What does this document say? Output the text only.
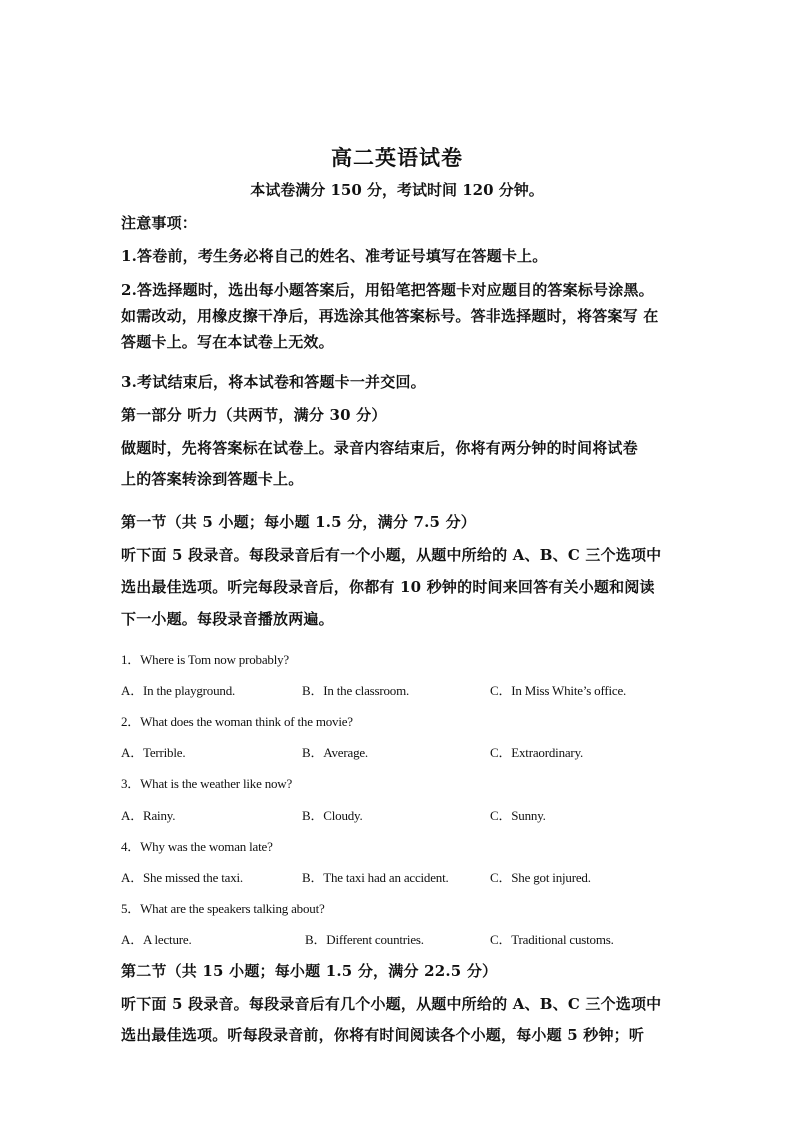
高二英语试卷
本试卷满分 150 分，考试时间 120 分钟。
注意事项：
1.答卷前，考生务必将自己的姓名、准考证号填写在答题卡上。
2.答选择题时，选出每小题答案后，用铅笔把答题卡对应题目的答案标号涂黑。
如需改动，用橡皮擦干净后，再选涂其他答案标号。答非选择题时，将答案写 在
答题卡上。写在本试卷上无效。
3.考试结束后，将本试卷和答题卡一并交回。
第一部分 听力（共两节，满分 30 分）
做题时，先将答案标在试卷上。录音内容结束后，你将有两分钟的时间将试卷
上的答案转涂到答题卡上。
第一节（共 5 小题；每小题 1.5 分，满分 7.5 分）
听下面 5 段录音。每段录音后有一个小题，从题中所给的 A、B、C 三个选项中
选出最佳选项。听完每段录音后，你都有 10 秒钟的时间来回答有关小题和阅读
下一小题。每段录音播放两遍。
1．Where is Tom now probably?
A．In the playground.	B．In the classroom.	C．In Miss White’s office.
2．What does the woman think of the movie?
A．Terrible.	B．Average.	C．Extraordinary.
3．What is the weather like now?
A．Rainy.	B．Cloudy.	C．Sunny.
4．Why was the woman late?
A．She missed the taxi.	B．The taxi had an accident.	C．She got injured.
5．What are the speakers talking about?
A．A lecture.	B．Different countries.	C．Traditional customs.
第二节（共 15 小题；每小题 1.5 分，满分 22.5 分）
听下面 5 段录音。每段录音后有几个小题，从题中所给的 A、B、C 三个选项中
选出最佳选项。听每段录音前，你将有时间阅读各个小题，每小题 5 秒钟；听
